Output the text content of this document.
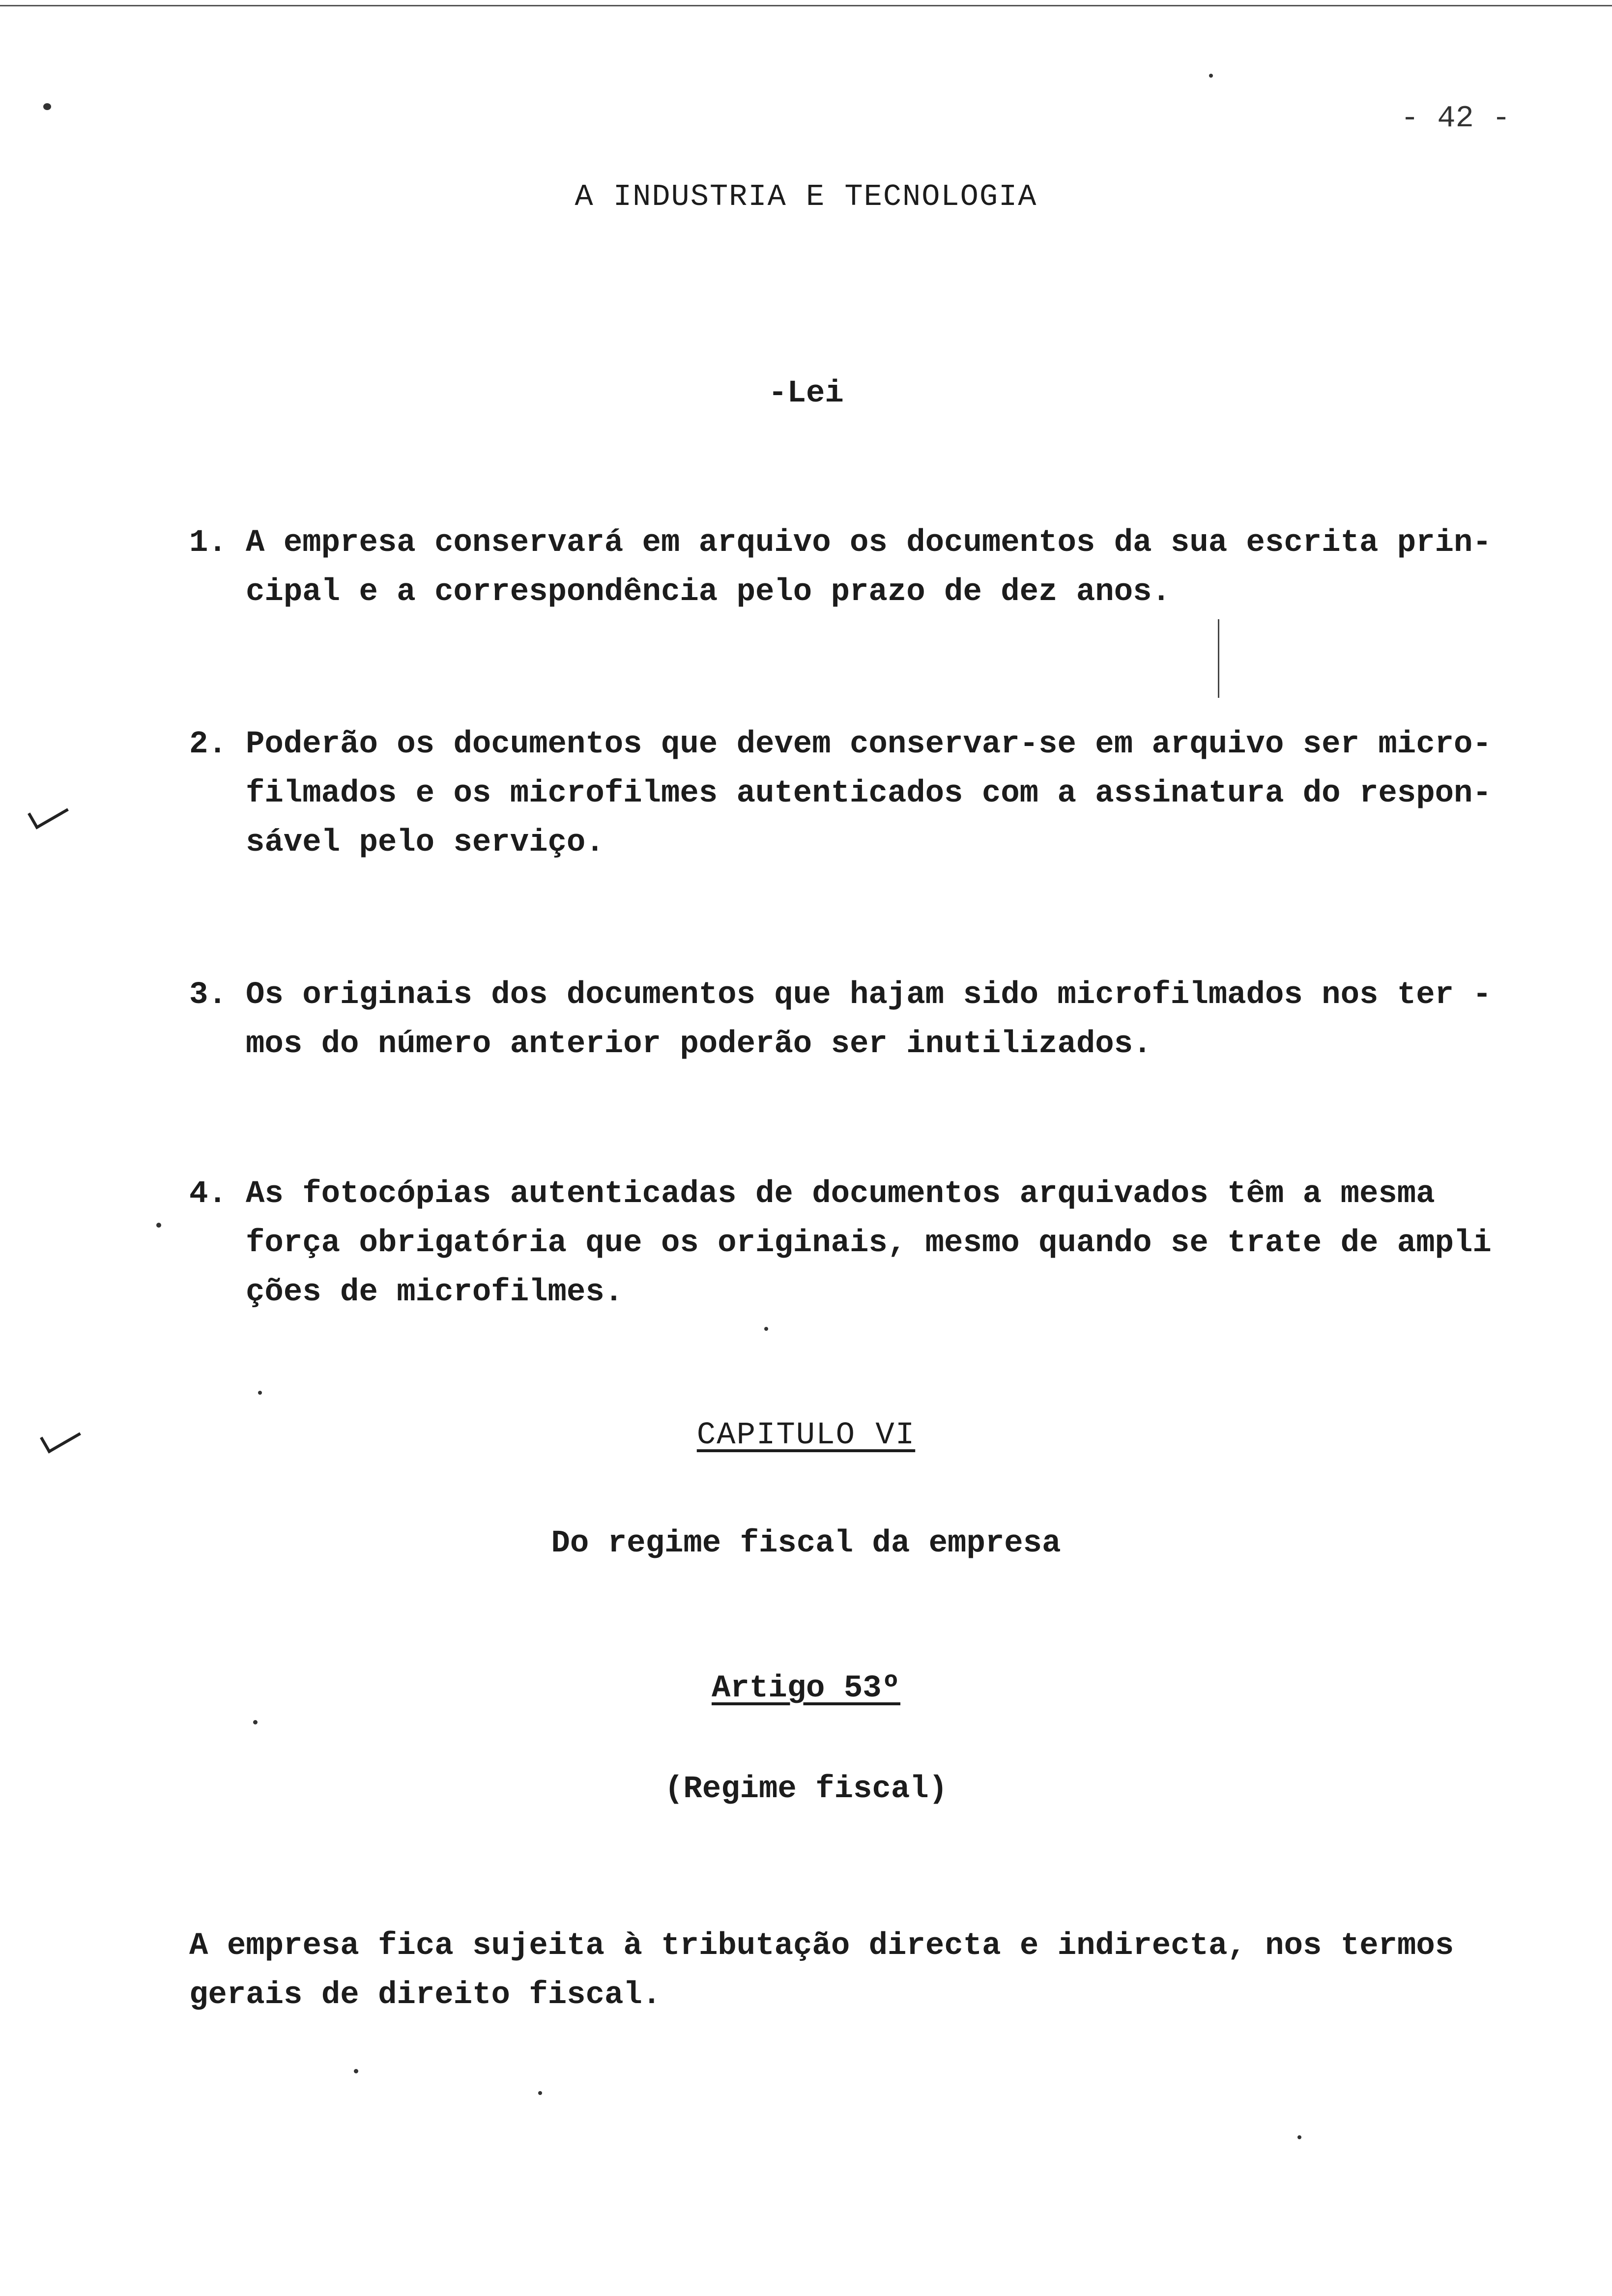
- 42 -
A INDUSTRIA E TECNOLOGIA
-Lei
1. A empresa conservará em arquivo os documentos da sua escrita prin-
cipal e a correspondência pelo prazo de dez anos.
2. Poderão os documentos que devem conservar-se em arquivo ser micro-
filmados e os microfilmes autenticados com a assinatura do respon-
sável pelo serviço.
3. Os originais dos documentos que hajam sido microfilmados nos ter -
mos do número anterior poderão ser inutilizados.
4. As fotocópias autenticadas de documentos arquivados têm a mesma
força obrigatória que os originais, mesmo quando se trate de ampli
ções de microfilmes.
CAPITULO VI
Do regime fiscal da empresa
Artigo 53º
(Regime fiscal)
A empresa fica sujeita à tributação directa e indirecta, nos termos
gerais de direito fiscal.
